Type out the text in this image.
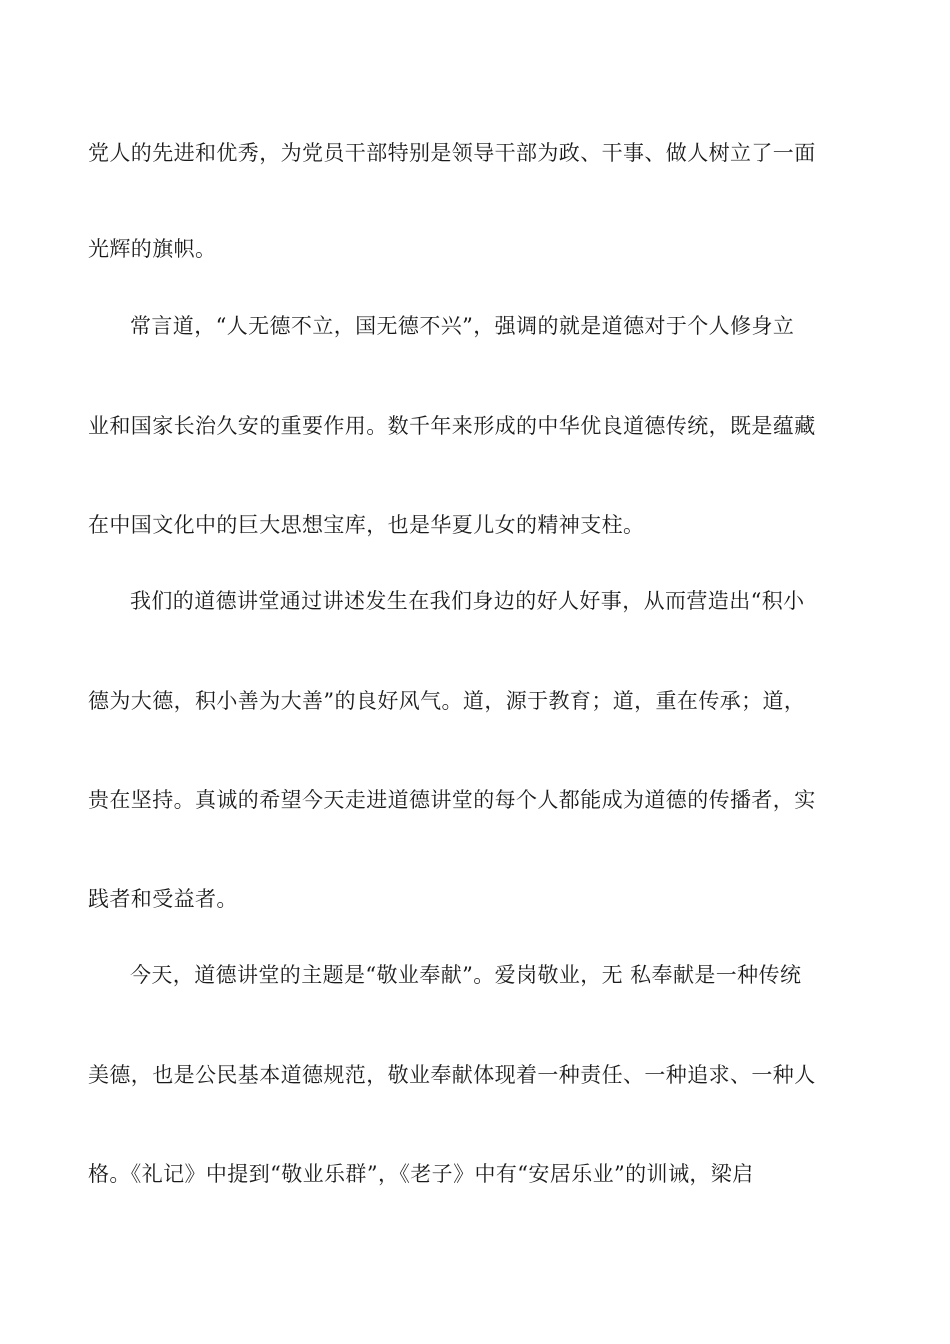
党人的先进和优秀，为党员干部特别是领导干部为政、干事、做人树立了一面
光辉的旗帜。
常言道，“人无德不立，国无德不兴”，强调的就是道德对于个人修身立
业和国家长治久安的重要作用。数千年来形成的中华优良道德传统，既是蕴藏
在中国文化中的巨大思想宝库，也是华夏儿女的精神支柱。
我们的道德讲堂通过讲述发生在我们身边的好人好事，从而营造出“积小
德为大德，积小善为大善”的良好风气。道，源于教育；道，重在传承；道，
贵在坚持。真诚的希望今天走进道德讲堂的每个人都能成为道德的传播者，实
践者和受益者。
今天，道德讲堂的主题是“敬业奉献”。爱岗敬业，无 私奉献是一种传统
美德，也是公民基本道德规范，敬业奉献体现着一种责任、一种追求、一种人
格。《礼记》中提到“敬业乐群”，《老子》中有“安居乐业”的训诫，梁启
